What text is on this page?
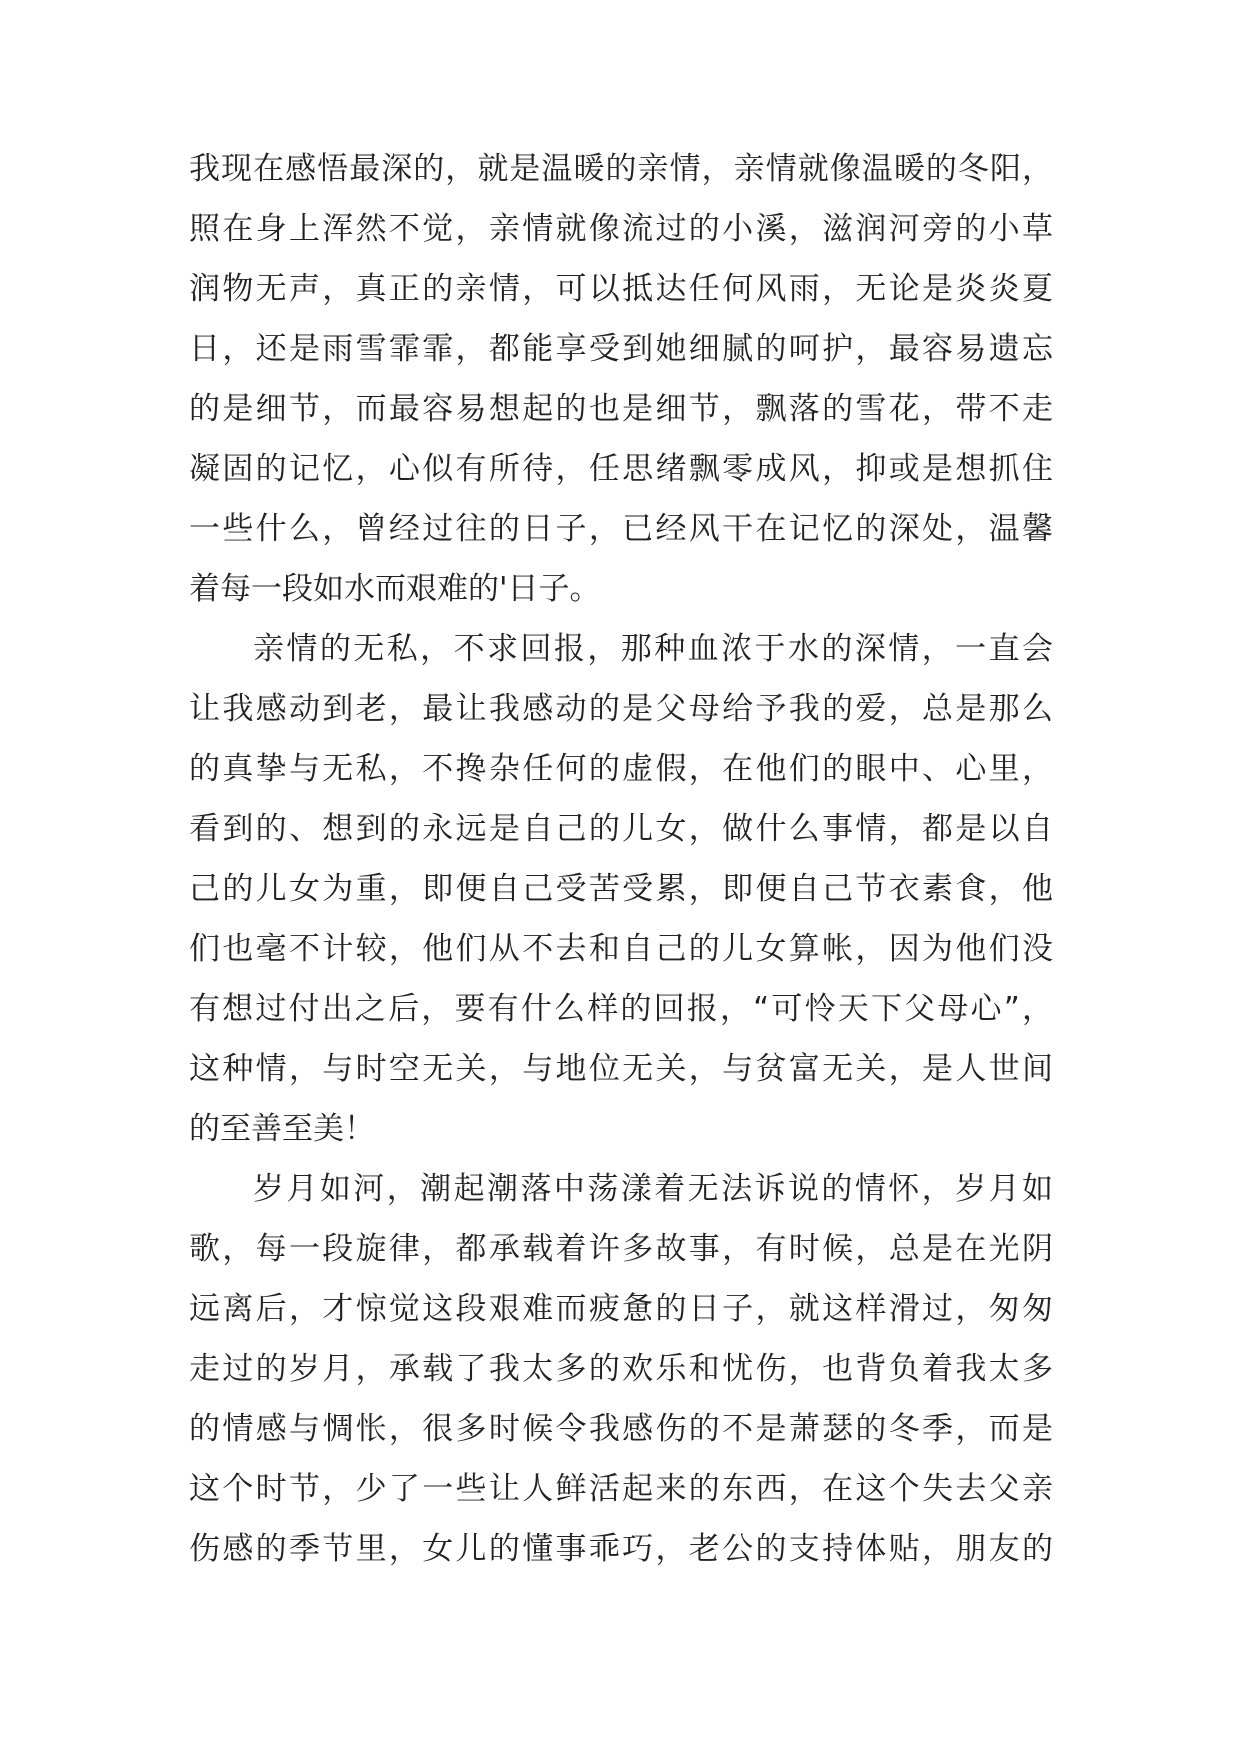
我现在感悟最深的，就是温暖的亲情，亲情就像温暖的冬阳，
照在身上浑然不觉，亲情就像流过的小溪，滋润河旁的小草
润物无声，真正的亲情，可以抵达任何风雨，无论是炎炎夏
日，还是雨雪霏霏，都能享受到她细腻的呵护，最容易遗忘
的是细节，而最容易想起的也是细节，飘落的雪花，带不走
凝固的记忆，心似有所待，任思绪飘零成风，抑或是想抓住
一些什么，曾经过往的日子，已经风干在记忆的深处，温馨
着每一段如水而艰难的'日子。
亲情的无私，不求回报，那种血浓于水的深情，一直会
让我感动到老，最让我感动的是父母给予我的爱，总是那么
的真挚与无私，不搀杂任何的虚假，在他们的眼中、心里，
看到的、想到的永远是自己的儿女，做什么事情，都是以自
己的儿女为重，即便自己受苦受累，即便自己节衣素食，他
们也毫不计较，他们从不去和自己的儿女算帐，因为他们没
有想过付出之后，要有什么样的回报，“可怜天下父母心”，
这种情，与时空无关，与地位无关，与贫富无关，是人世间
的至善至美！
岁月如河，潮起潮落中荡漾着无法诉说的情怀，岁月如
歌，每一段旋律，都承载着许多故事，有时候，总是在光阴
远离后，才惊觉这段艰难而疲惫的日子，就这样滑过，匆匆
走过的岁月，承载了我太多的欢乐和忧伤，也背负着我太多
的情感与惆怅，很多时候令我感伤的不是萧瑟的冬季，而是
这个时节，少了一些让人鲜活起来的东西，在这个失去父亲
伤感的季节里，女儿的懂事乖巧，老公的支持体贴，朋友的
